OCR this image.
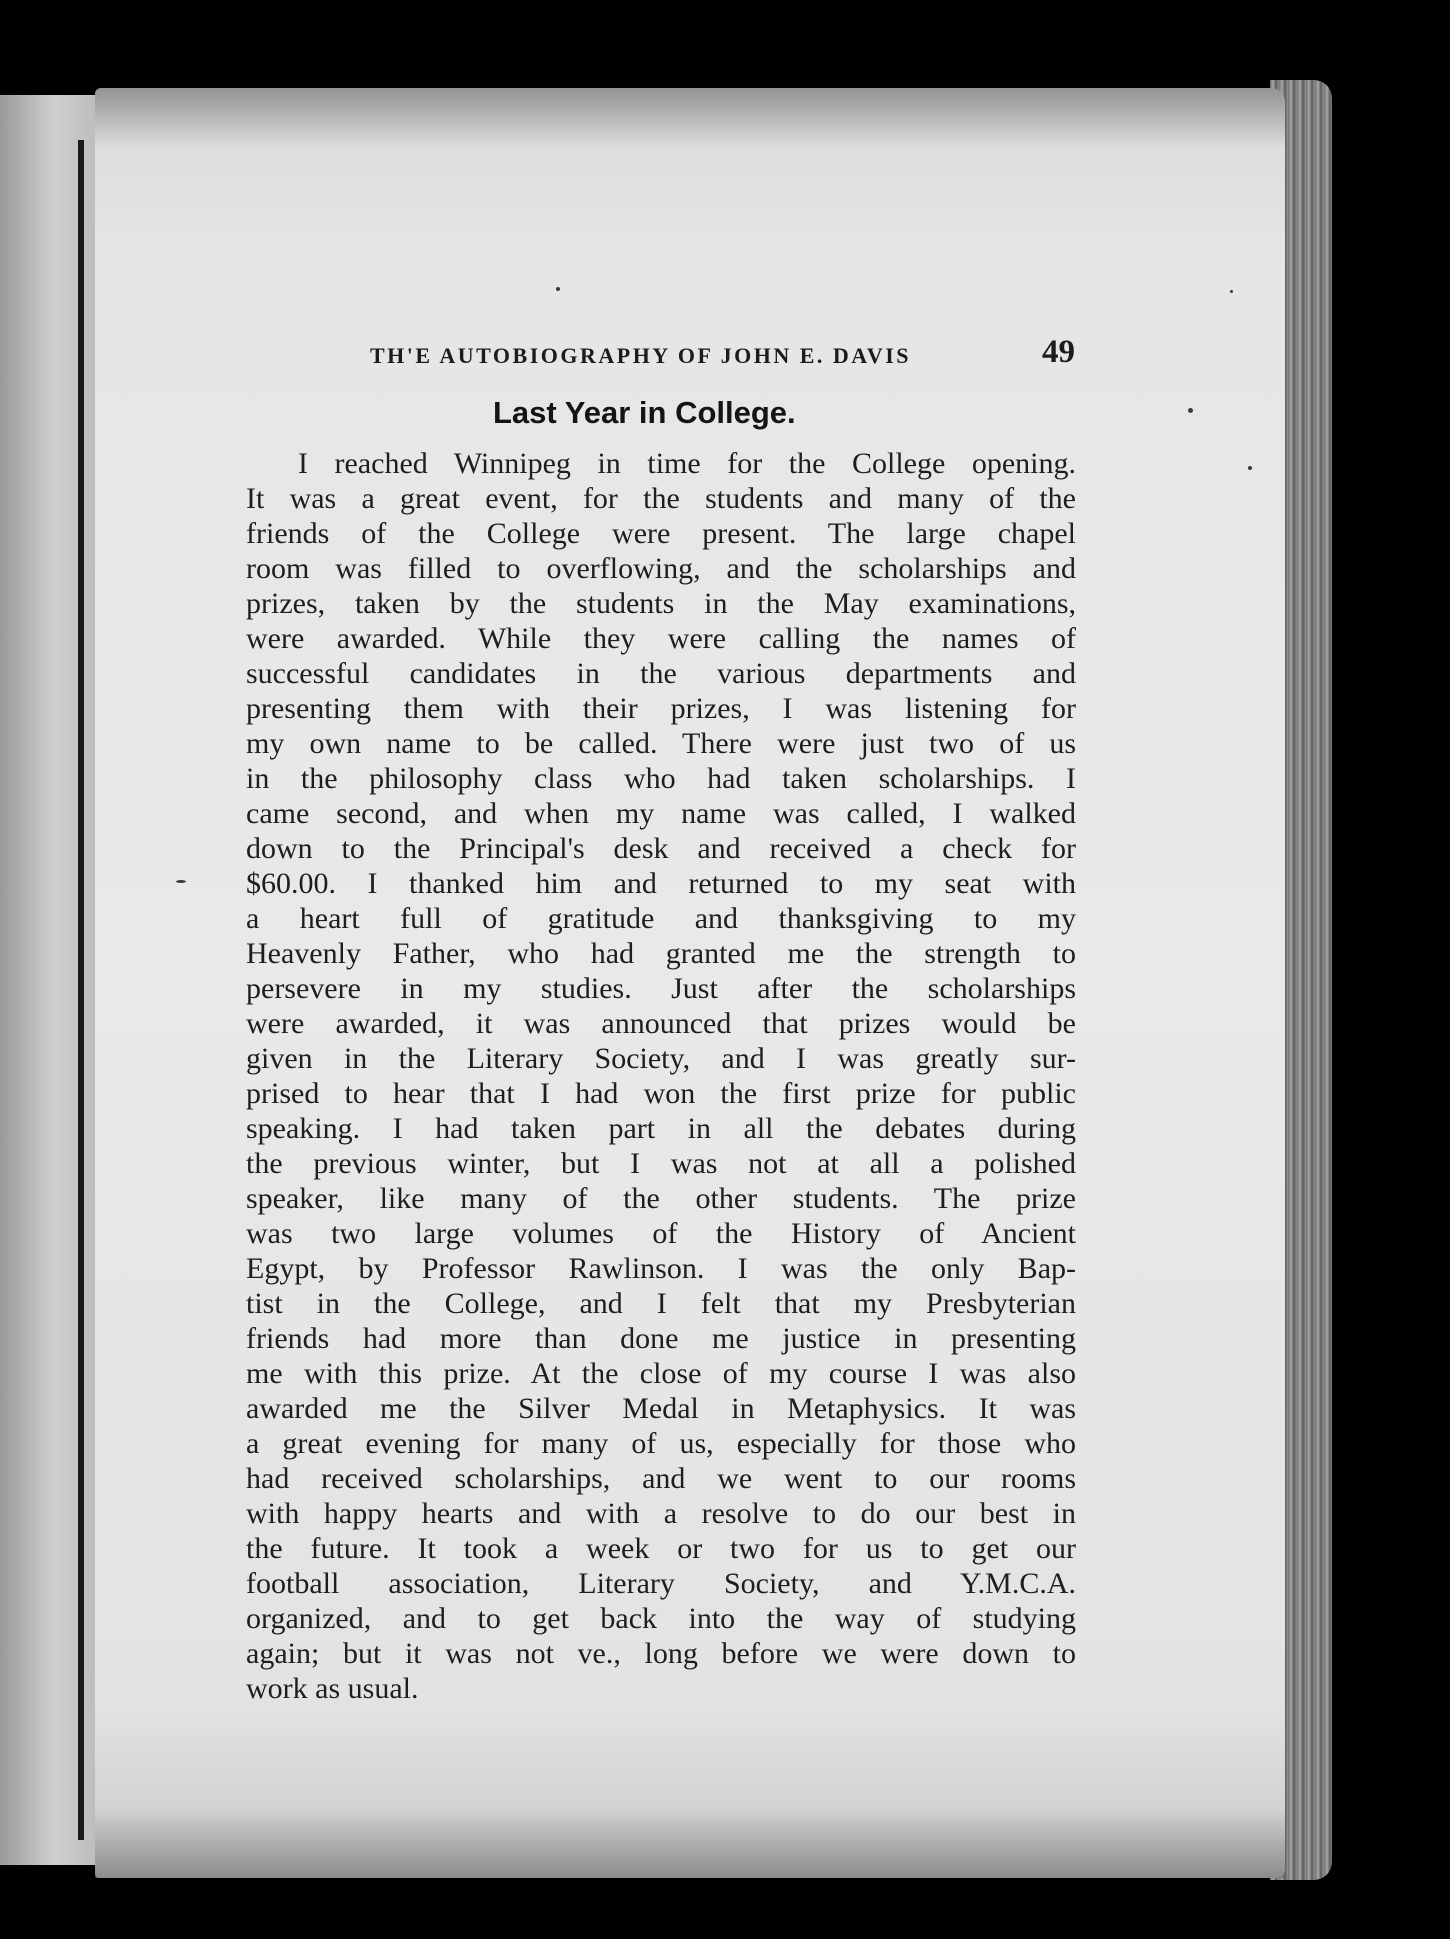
TH'E AUTOBIOGRAPHY OF JOHN E. DAVIS	49
Last Year in College.
I reached Winnipeg in time for the College opening.
It was a great event, for the students and many of the
friends of the College were present. The large chapel
room was filled to overflowing, and the scholarships and
prizes, taken by the students in the May examinations,
were awarded. While they were calling the names of
successful candidates in the various departments and
presenting them with their prizes, I was listening for
my own name to be called. There were just two of us
in the philosophy class who had taken scholarships. I
came second, and when my name was called, I walked
down to the Principal's desk and received a check for
$60.00. I thanked him and returned to my seat with
a heart full of gratitude and thanksgiving to my
Heavenly Father, who had granted me the strength to
persevere in my studies. Just after the scholarships
were awarded, it was announced that prizes would be
given in the Literary Society, and I was greatly sur-
prised to hear that I had won the first prize for public
speaking. I had taken part in all the debates during
the previous winter, but I was not at all a polished
speaker, like many of the other students. The prize
was two large volumes of the History of Ancient
Egypt, by Professor Rawlinson. I was the only Bap-
tist in the College, and I felt that my Presbyterian
friends had more than done me justice in presenting
me with this prize. At the close of my course I was also
awarded me the Silver Medal in Metaphysics. It was
a great evening for many of us, especially for those who
had received scholarships, and we went to our rooms
with happy hearts and with a resolve to do our best in
the future. It took a week or two for us to get our
football association, Literary Society, and Y.M.C.A.
organized, and to get back into the way of studying
again; but it was not ve., long before we were down to
work as usual.
